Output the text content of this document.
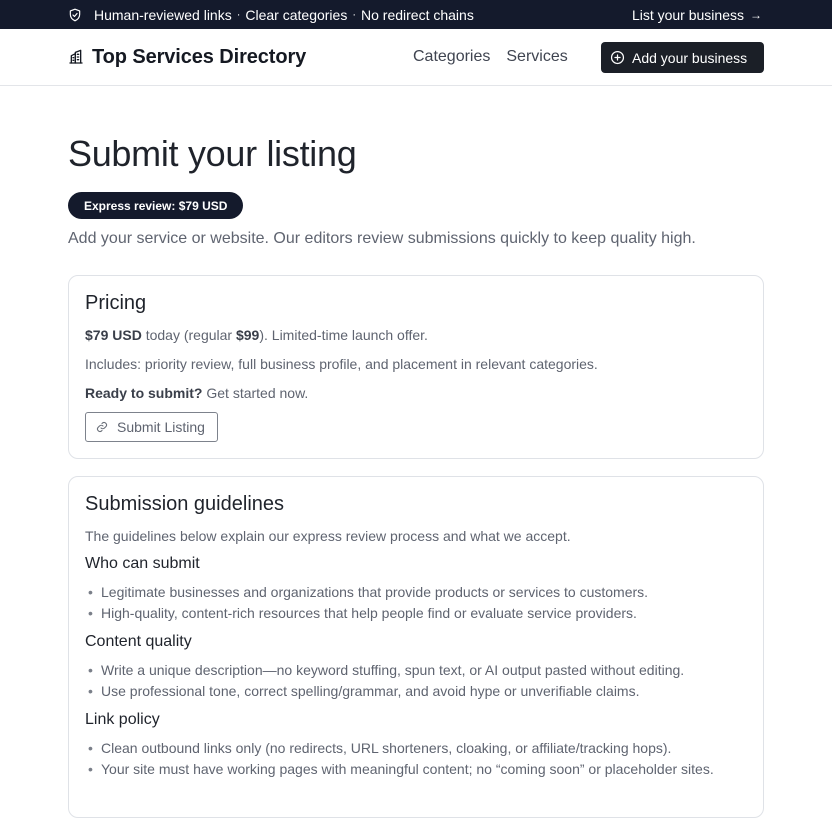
Human-reviewed links · Clear categories · No redirect chains	List your business →
Top Services Directory	Categories Services	Add your business
Submit your listing
Express review: $79 USD
Add your service or website. Our editors review submissions quickly to keep quality high.
Pricing
$79 USD today (regular $99). Limited-time launch offer.
Includes: priority review, full business profile, and placement in relevant categories.
Ready to submit? Get started now.
Submit Listing
Submission guidelines
The guidelines below explain our express review process and what we accept.
Who can submit
• Legitimate businesses and organizations that provide products or services to customers.
• High-quality, content-rich resources that help people find or evaluate service providers.
Content quality
• Write a unique description—no keyword stuffing, spun text, or AI output pasted without editing.
• Use professional tone, correct spelling/grammar, and avoid hype or unverifiable claims.
Link policy
• Clean outbound links only (no redirects, URL shorteners, cloaking, or affiliate/tracking hops).
• Your site must have working pages with meaningful content; no “coming soon” or placeholder sites.
